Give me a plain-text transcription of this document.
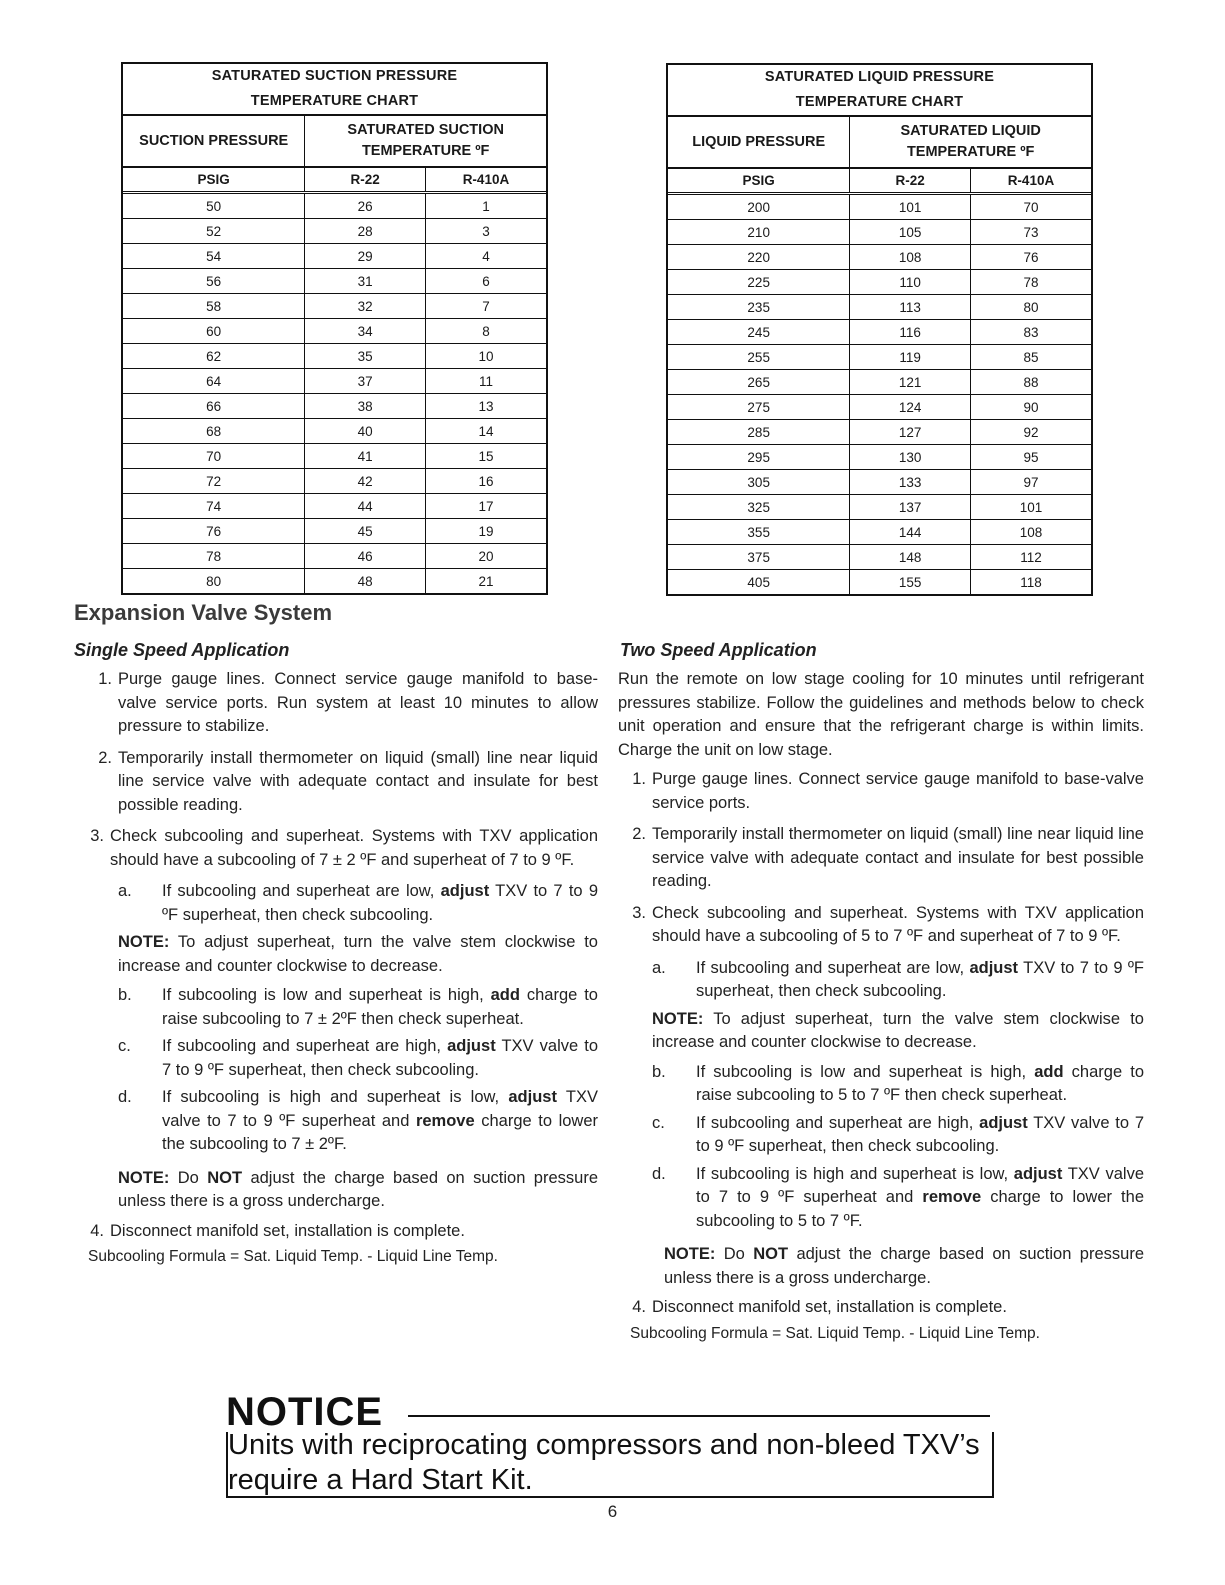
SATURATED SUCTION PRESSURE
TEMPERATURE CHART		
SUCTION PRESSURE	SATURATED SUCTION
TEMPERATURE ºF	
PSIG	R-22	R-410A
50	26	1
52	28	3
54	29	4
56	31	6
58	32	7
60	34	8
62	35	10
64	37	11
66	38	13
68	40	14
70	41	15
72	42	16
74	44	17
76	45	19
78	46	20
80	48	21
SATURATED LIQUID PRESSURE
TEMPERATURE CHART		
LIQUID PRESSURE	SATURATED LIQUID
TEMPERATURE ºF	
PSIG	R-22	R-410A
200	101	70
210	105	73
220	108	76
225	110	78
235	113	80
245	116	83
255	119	85
265	121	88
275	124	90
285	127	92
295	130	95
305	133	97
325	137	101
355	144	108
375	148	112
405	155	118
Expansion Valve System
Single Speed Application	Two Speed Application
1. Purge gauge lines. Connect service gauge manifold to base-valve service ports. Run system at least 10 minutes to allow pressure to stabilize.
2. Temporarily install thermometer on liquid (small) line near liquid line service valve with adequate contact and insulate for best possible reading.
3. Check subcooling and superheat. Systems with TXV application should have a subcooling of 7 ± 2 ºF and superheat of 7 to 9 ºF.
a.	If subcooling and superheat are low, adjust TXV to 7 to 9 ºF superheat, then check subcooling.
NOTE: To adjust superheat, turn the valve stem clockwise to increase and counter clockwise to decrease.
b.	If subcooling is low and superheat is high, add charge to raise subcooling to 7 ± 2ºF then check superheat.
c.	If subcooling and superheat are high, adjust TXV valve to 7 to 9 ºF superheat, then check subcooling.
d.	If subcooling is high and superheat is low, adjust TXV valve to 7 to 9 ºF superheat and remove charge to lower the subcooling to 7 ± 2ºF.
NOTE: Do NOT adjust the charge based on suction pressure unless there is a gross undercharge.
4. Disconnect manifold set, installation is complete.

Subcooling Formula = Sat. Liquid Temp. - Liquid Line Temp.

Run the remote on low stage cooling for 10 minutes until refrigerant pressures stabilize. Follow the guidelines and methods below to check unit operation and ensure that the refrigerant charge is within limits. Charge the unit on low stage.

1. Purge gauge lines. Connect service gauge manifold to base-valve service ports.
2. Temporarily install thermometer on liquid (small) line near liquid line service valve with adequate contact and insulate for best possible reading.
3. Check subcooling and superheat. Systems with TXV application should have a subcooling of 5 to 7 ºF and superheat of 7 to 9 ºF.
a.	If subcooling and superheat are low, adjust TXV to 7 to 9 ºF superheat, then check subcooling.
NOTE: To adjust superheat, turn the valve stem clockwise to increase and counter clockwise to decrease.
b.	If subcooling is low and superheat is high, add charge to raise subcooling to 5 to 7 ºF then check superheat.
c.	If subcooling and superheat are high, adjust TXV valve to 7 to 9 ºF superheat, then check subcooling.
d.	If subcooling is high and superheat is low, adjust TXV valve to 7 to 9 ºF superheat and remove charge to lower the subcooling to 5 to 7 ºF.
NOTE: Do NOT adjust the charge based on suction pressure unless there is a gross undercharge.
4. Disconnect manifold set, installation is complete.

Subcooling Formula = Sat. Liquid Temp. - Liquid Line Temp.

NOTICE
Units with reciprocating compressors and non-bleed TXV’s
require a Hard Start Kit.
6
